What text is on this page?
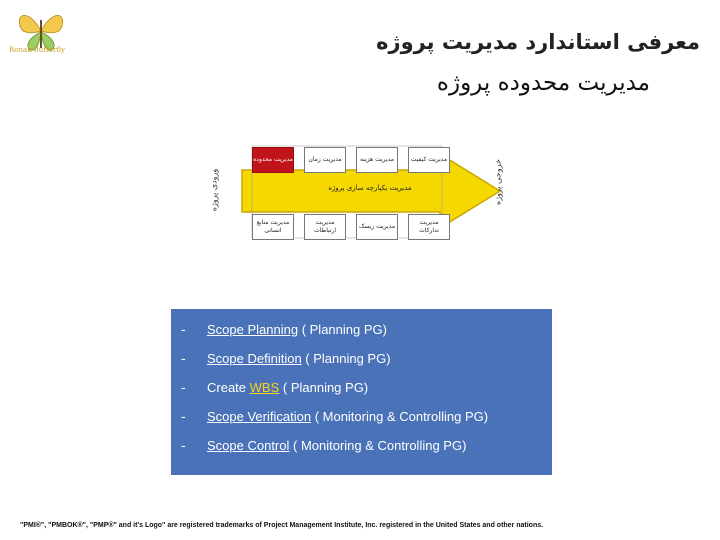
Ronak Butterfly	معرفی استاندارد مدیریت پروژه
مدیریت محدوده پروژه
ورودی پروژه	خروجی پروژه
مدیریت یکپارچه سازی پروژه
مدیریت محدوده	مدیریت زمان	مدیریت هزینه	مدیریت کیفیت
مدیریت منابع انسانی
مدیریت ارتباطات
مدیریت ریسک
مدیریت تدارکات
- Scope Planning ( Planning PG)
- Scope Definition ( Planning PG)
- Create WBS ( Planning PG)
- Scope Verification ( Monitoring & Controlling PG)
- Scope Control ( Monitoring & Controlling PG)
"PMI®", "PMBOK®", "PMP®" and it's Logo" are registered trademarks of Project Management Institute, Inc. registered in the United States and other nations.
